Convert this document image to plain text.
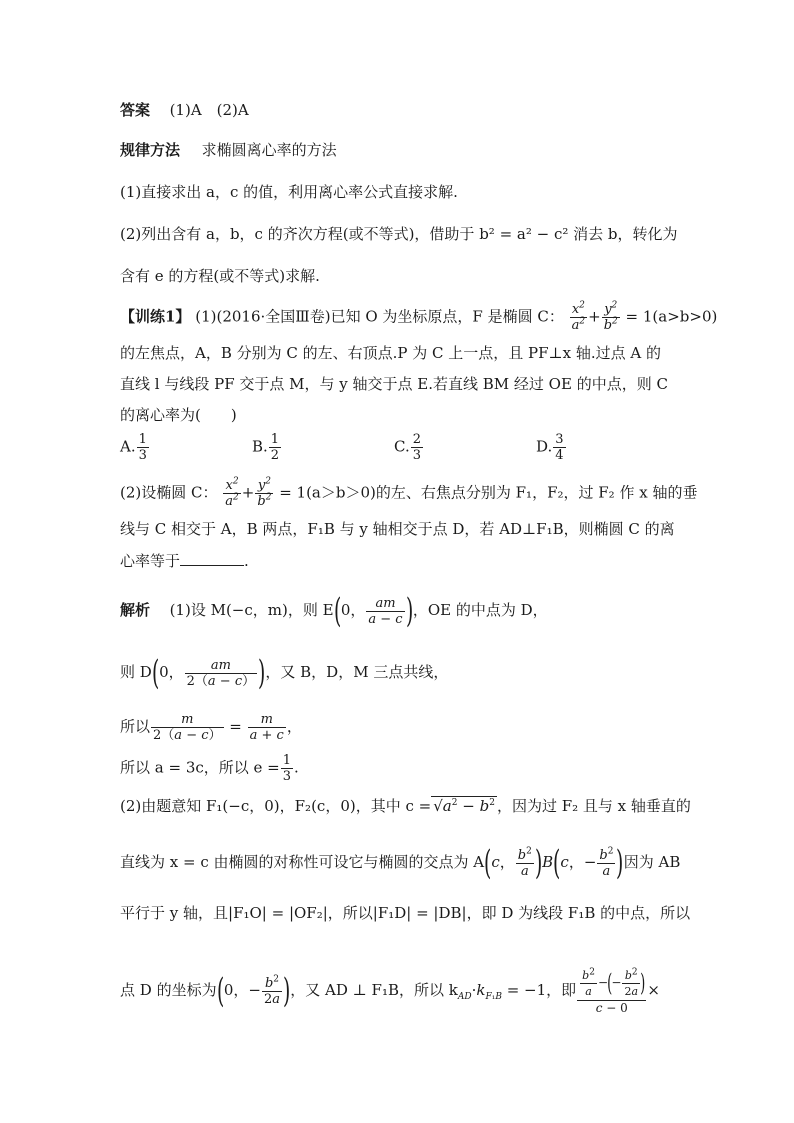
答案 (1)A　(2)A
规律方法 求椭圆离心率的方法
(1)直接求出 a，c 的值，利用离心率公式直接求解.
(2)列出含有 a，b，c 的齐次方程(或不等式)，借助于 b² = a² − c² 消去 b，转化为
含有 e 的方程(或不等式)求解.
【训练1】 (1)(2016·全国Ⅲ卷)已知 O 为坐标原点，F 是椭圆 C： $\frac{x^2}{a^2} + \frac{y^2}{b^2} = 1(a>b>0)$
的左焦点，A，B 分别为 C 的左、右顶点.P 为 C 上一点，且 PF⊥x 轴.过点 A 的
直线 l 与线段 PF 交于点 M，与 y 轴交于点 E.若直线 BM 经过 OE 的中点，则 C
的离心率为(　　)
A. $\frac{1}{3}$	B. $\frac{1}{2}$	C. $\frac{2}{3}$	D. $\frac{3}{4}$
(2)设椭圆 C： $\frac{x^2}{a^2} + \frac{y^2}{b^2} = 1(a>b>0)$的左、右焦点分别为 F₁，F₂，过 F₂ 作 x 轴的垂
线与 C 相交于 A，B 两点，F₁B 与 y 轴相交于点 D，若 AD⊥F₁B，则椭圆 C 的离
心率等于	.
解析 (1)设 M(−c，m)，则 E(0， $\frac{am}{a - c}$ )，OE 的中点为 D，
则 D(0， $\frac{am}{2(a - c)}$ )，又 B，D，M 三点共线，
所以 $\frac{m}{2(a - c)} = \frac{m}{a + c}$ ，
所以 a = 3c，所以 $e = \frac{1}{3}$ .
(2)由题意知 F₁(−c，0)，F₂(c，0)，其中 $c = √a^2 - b^2$ ，因为过 F₂ 且与 x 轴垂直的
直线为 x = c 由椭圆的对称性可设它与椭圆的交点为 A(c， $\frac{b^2}{a} )B(c$，− $\frac{b^2}{a}$ )因为 AB
平行于 y 轴，且|F₁O| = |OF₂|，所以|F₁D| = |DB|，即 D 为线段 F₁B 的中点，所以
点 D 的坐标为(0，− $\frac{b^2}{2a}$ )，又 AD ⊥ F₁B，所以 $k_{AD}\cdot k_{F_1B} = -1$，即 $\frac{\frac{b^2}{a} -(- \frac{b^2}{2a} )}{c - 0}$ ×
